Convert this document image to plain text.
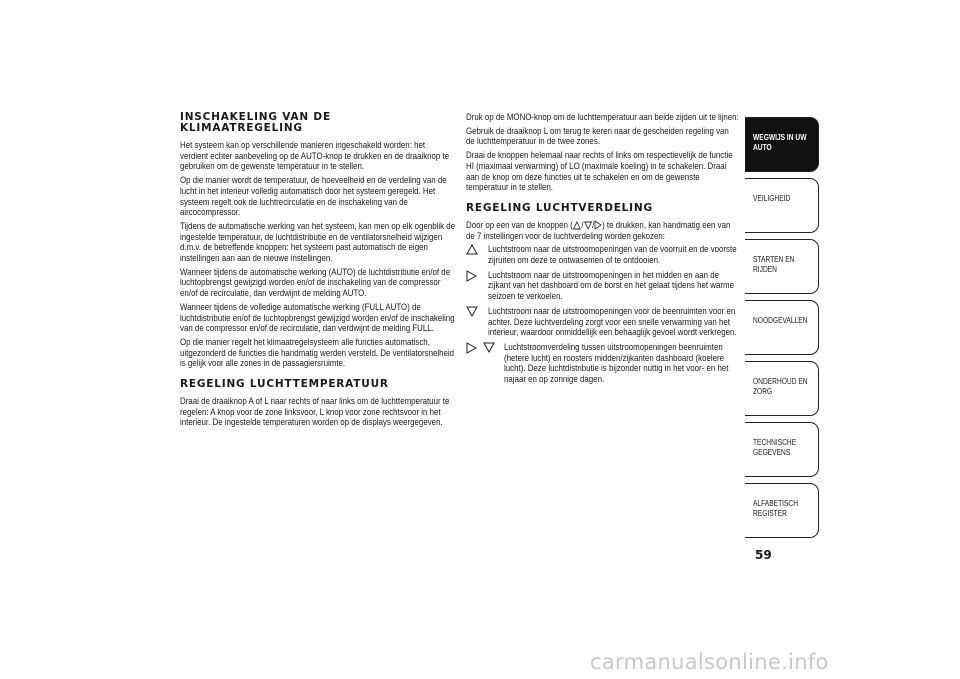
INSCHAKELING VAN DE KLIMAATREGELING

Het systeem kan op verschillende manieren ingeschakeld worden: het verdient echter aanbeveling op de AUTO-knop te drukken en de draaiknop te gebruiken om de gewenste temperatuur in te stellen.

Op die manier wordt de temperatuur, de hoeveelheid en de verdeling van de lucht in het interieur volledig automatisch door het systeem geregeld. Het systeem regelt ook de luchtrecirculatie en de inschakeling van de aircocompressor.

Tijdens de automatische werking van het systeem, kan men op elk ogenblik de ingestelde temperatuur, de luchtdistributie en de ventilatorsnelheid wijzigen d.m.v. de betreffende knoppen: het systeem past automatisch de eigen instellingen aan aan de nieuwe instellingen.

Wanneer tijdens de automatische werking (AUTO) de luchtdistributie en/of de luchtopbrengst gewijzigd worden en/of de inschakeling van de compressor en/of de recirculatie, dan verdwijnt de melding AUTO.

Wanneer tijdens de volledige automatische werking (FULL AUTO) de luchtdistributie en/of de luchtopbrengst gewijzigd worden en/of de inschakeling van de compressor en/of de recirculatie, dan verdwijnt de melding FULL.

Op die manier regelt het klimaatregelsysteem alle functies automatisch, uitgezonderd de functies die handmatig werden versteld. De ventilatorsnelheid is gelijk voor alle zones in de passagiersruimte.

REGELING LUCHTTEMPERATUUR

Draai de draaiknop A of L naar rechts of naar links om de luchttemperatuur te regelen: A knop voor de zone linksvoor, L knop voor zone rechtsvoor in het interieur. De ingestelde temperaturen worden op de displays weergegeven.

Druk op de MONO-knop om de luchttemperatuur aan beide zijden uit te lijnen:

Gebruik de draaiknop L om terug te keren naar de gescheiden regeling van de luchttemperatuur in de twee zones.

Draai de knoppen helemaal naar rechts of links om respectievelijk de functie HI (maximaal verwarming) of LO (maximale koeling) in te schakelen. Draai aan de knop om deze functies uit te schakelen en om de gewenste temperatuur in te stellen.

REGELING LUCHTVERDELING

Door op een van de knoppen ( / / ) te drukken, kan handmatig een van de 7 instellingen voor de luchtverdeling worden gekozen:

Luchtstroom naar de uitstroomopeningen van de voorruit en de voorste zijruiten om deze te ontwasemen of te ontdooien.

Luchtstroom naar de uitstroomopeningen in het midden en aan de zijkant van het dashboard om de borst en het gelaat tijdens het warme seizoen te verkoelen.

Luchtstroom naar de uitstroomopeningen voor de beenruimten voor en achter. Deze luchtverdeling zorgt voor een snelle verwarming van het interieur, waardoor onmiddellijk een behaaglijk gevoel wordt verkregen.

Luchtstroomverdeling tussen uitstroomopeningen beenruimten (hetere lucht) en roosters midden/zijkanten dashboard (koelere lucht). Deze luchtdistributie is bijzonder nuttig in het voor- en het najaar en op zonnige dagen.

WEGWIJS IN UW AUTO
VEILIGHEID
STARTEN EN RIJDEN
NOODGEVALLEN
ONDERHOUD EN ZORG
TECHNISCHE GEGEVENS
ALFABETISCH REGISTER
59
carmanualsonline.info
